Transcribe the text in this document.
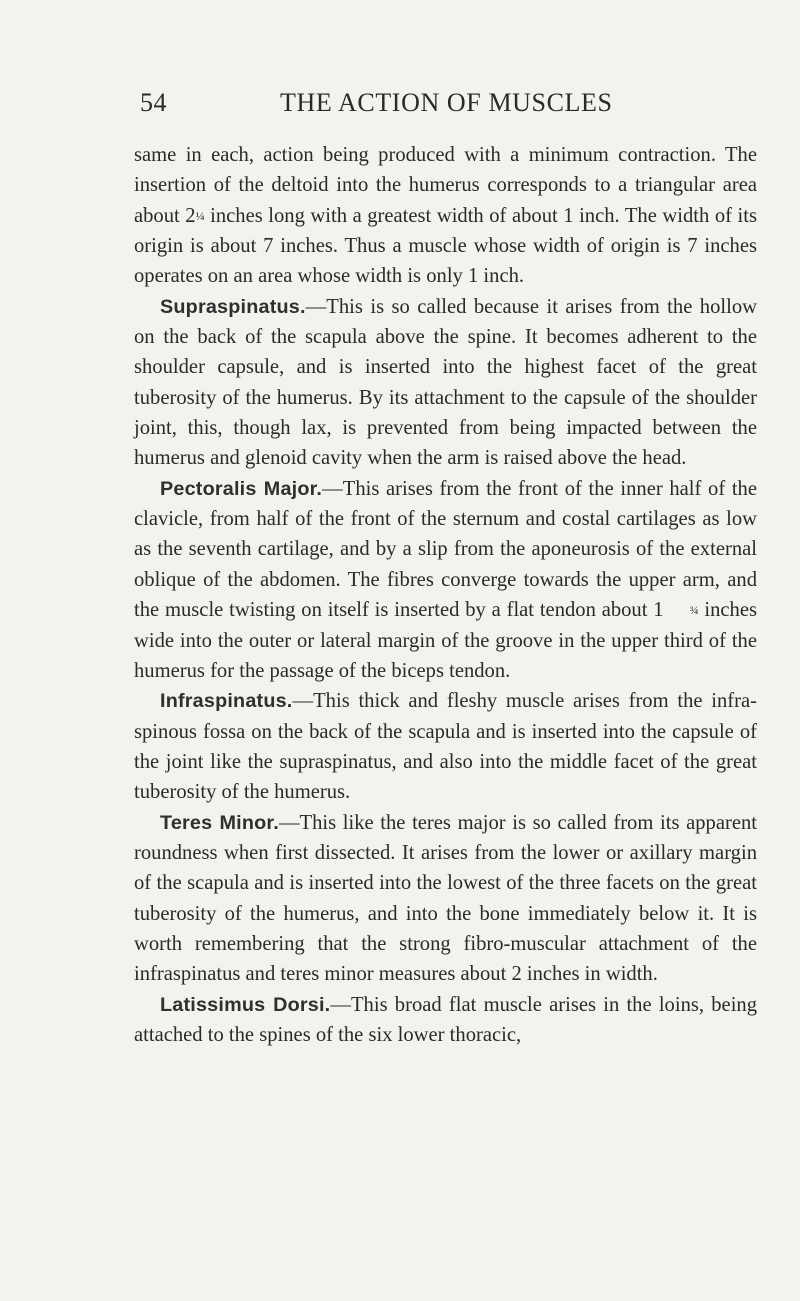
54	THE ACTION OF MUSCLES

same in each, action being produced with a minimum contraction. The insertion of the deltoid into the humerus corresponds to a triangular area about 2¼ inches long with a greatest width of about 1 inch. The width of its origin is about 7 inches. Thus a muscle whose width of origin is 7 inches operates on an area whose width is only 1 inch.

Supraspinatus.—This is so called because it arises from the hollow on the back of the scapula above the spine. It becomes adherent to the shoulder capsule, and is inserted into the highest facet of the great tuberosity of the humerus. By its attachment to the capsule of the shoulder joint, this, though lax, is prevented from being impacted between the humerus and glenoid cavity when the arm is raised above the head.

Pectoralis Major.—This arises from the front of the inner half of the clavicle, from half of the front of the sternum and costal cartilages as low as the seventh cartilage, and by a slip from the aponeurosis of the external oblique of the abdomen. The fibres converge towards the upper arm, and the muscle twisting on itself is inserted by a flat tendon about 1 ¾ inches wide into the outer or lateral margin of the groove in the upper third of the humerus for the passage of the biceps tendon.

Infraspinatus.—This thick and fleshy muscle arises from the infra-spinous fossa on the back of the scapula and is inserted into the capsule of the joint like the supraspinatus, and also into the middle facet of the great tuberosity of the humerus.

Teres Minor.—This like the teres major is so called from its apparent roundness when first dissected. It arises from the lower or axillary margin of the scapula and is inserted into the lowest of the three facets on the great tuberosity of the humerus, and into the bone immediately below it. It is worth remembering that the strong fibro-muscular attachment of the infraspinatus and teres minor measures about 2 inches in width.

Latissimus Dorsi.—This broad flat muscle arises in the loins, being attached to the spines of the six lower thoracic,
